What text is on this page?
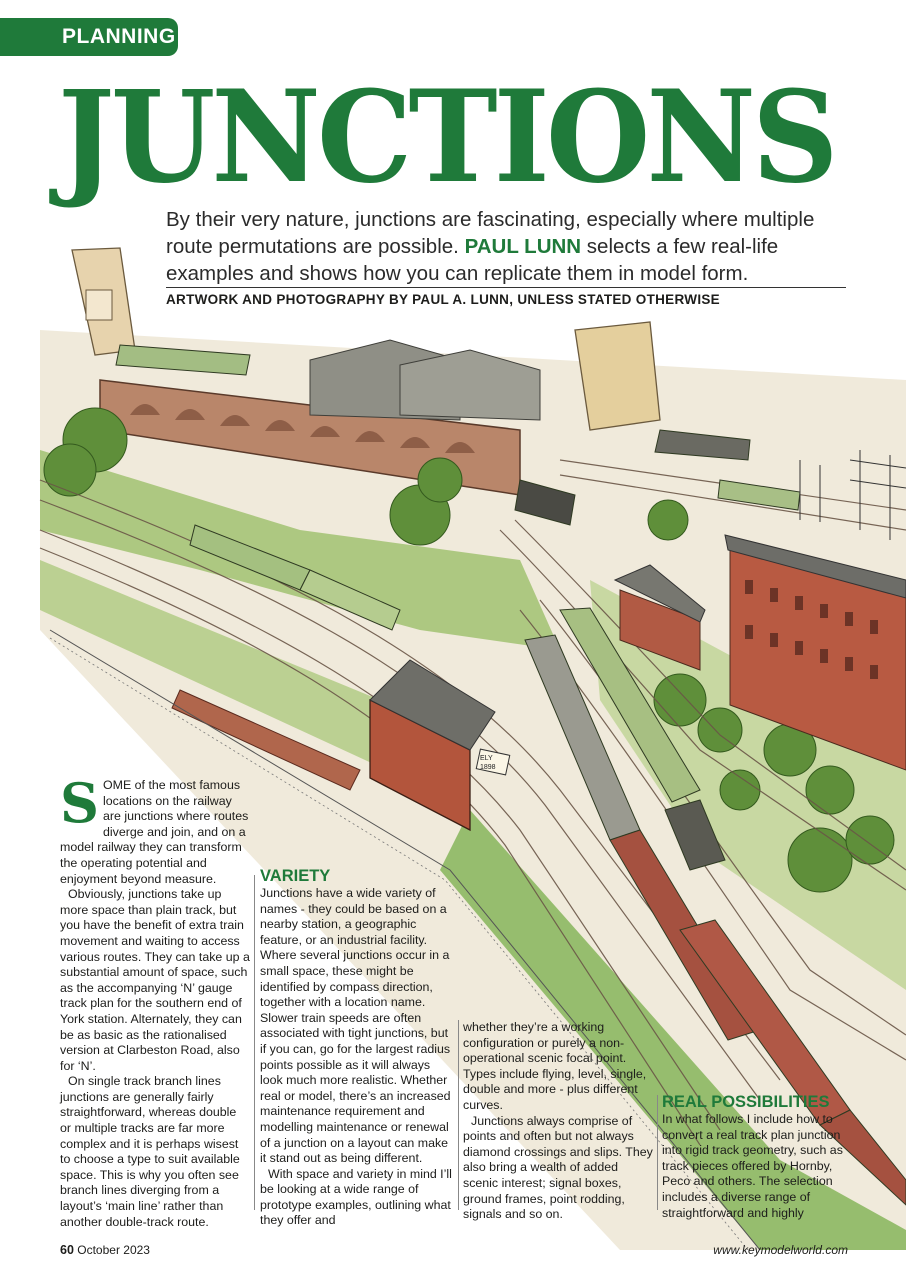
PLANNING
ELY
1898
JUNCTIONS
By their very nature, junctions are fascinating, especially where multiple route permutations are possible. PAUL LUNN selects a few real-life examples and shows how you can replicate them in model form.
ARTWORK AND PHOTOGRAPHY BY PAUL A. LUNN, UNLESS STATED OTHERWISE

SOME of the most famous locations on the railway are junctions where routes diverge and join, and on a model railway they can transform the operating potential and enjoyment beyond measure.

Obviously, junctions take up more space than plain track, but you have the benefit of extra train movement and waiting to access various routes. They can take up a substantial amount of space, such as the accompanying ‘N’ gauge track plan for the southern end of York station. Alternately, they can be as basic as the rationalised version at Clarbeston Road, also for ‘N’.

On single track branch lines junctions are generally fairly straightforward, whereas double or multiple tracks are far more complex and it is perhaps wisest to choose a type to suit available space. This is why you often see branch lines diverging from a layout’s ‘main line’ rather than another double-track route.

VARIETY

Junctions have a wide variety of names - they could be based on a nearby station, a geographic feature, or an industrial facility. Where several junctions occur in a small space, these might be identified by compass direction, together with a location name. Slower train speeds are often associated with tight junctions, but if you can, go for the largest radius points possible as it will always look much more realistic. Whether real or model, there’s an increased maintenance requirement and modelling maintenance or renewal of a junction on a layout can make it stand out as being different.

With space and variety in mind I’ll be looking at a wide range of prototype examples, outlining what they offer and

whether they’re a working configuration or purely a non-operational scenic focal point. Types include flying, level, single, double and more - plus different curves.

Junctions always comprise of points and often but not always diamond crossings and slips. They also bring a wealth of added scenic interest; signal boxes, ground frames, point rodding, signals and so on.

REAL POSSIBILITIES

In what follows I include how to convert a real track plan junction into rigid track geometry, such as track pieces offered by Hornby, Peco and others. The selection includes a diverse range of straightforward and highly

60 October 2023	www.keymodelworld.com
